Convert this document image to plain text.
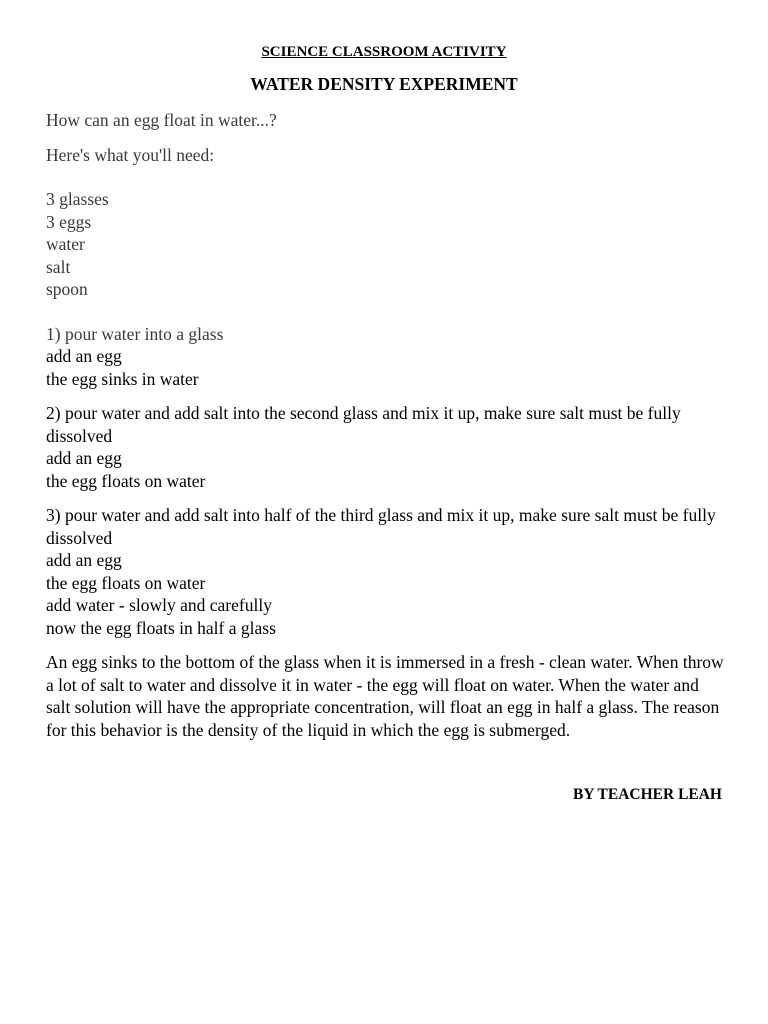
SCIENCE CLASSROOM ACTIVITY
WATER DENSITY EXPERIMENT

How can an egg float in water...?

Here's what you'll need:

3 glasses
3 eggs
water
salt
spoon
1) pour water into a glass
add an egg
the egg sinks in water
2) pour water and add salt into the second glass and mix it up, make sure salt must be fully dissolved
add an egg
the egg floats on water
3) pour water and add salt into half of the third glass and mix it up, make sure salt must be fully dissolved
add an egg
the egg floats on water
add water - slowly and carefully
now the egg floats in half a glass

An egg sinks to the bottom of the glass when it is immersed in a fresh - clean water. When throw a lot of salt to water and dissolve it in water - the egg will float on water. When the water and salt solution will have the appropriate concentration, will float an egg in half a glass. The reason for this behavior is the density of the liquid in which the egg is submerged.

BY TEACHER LEAH
